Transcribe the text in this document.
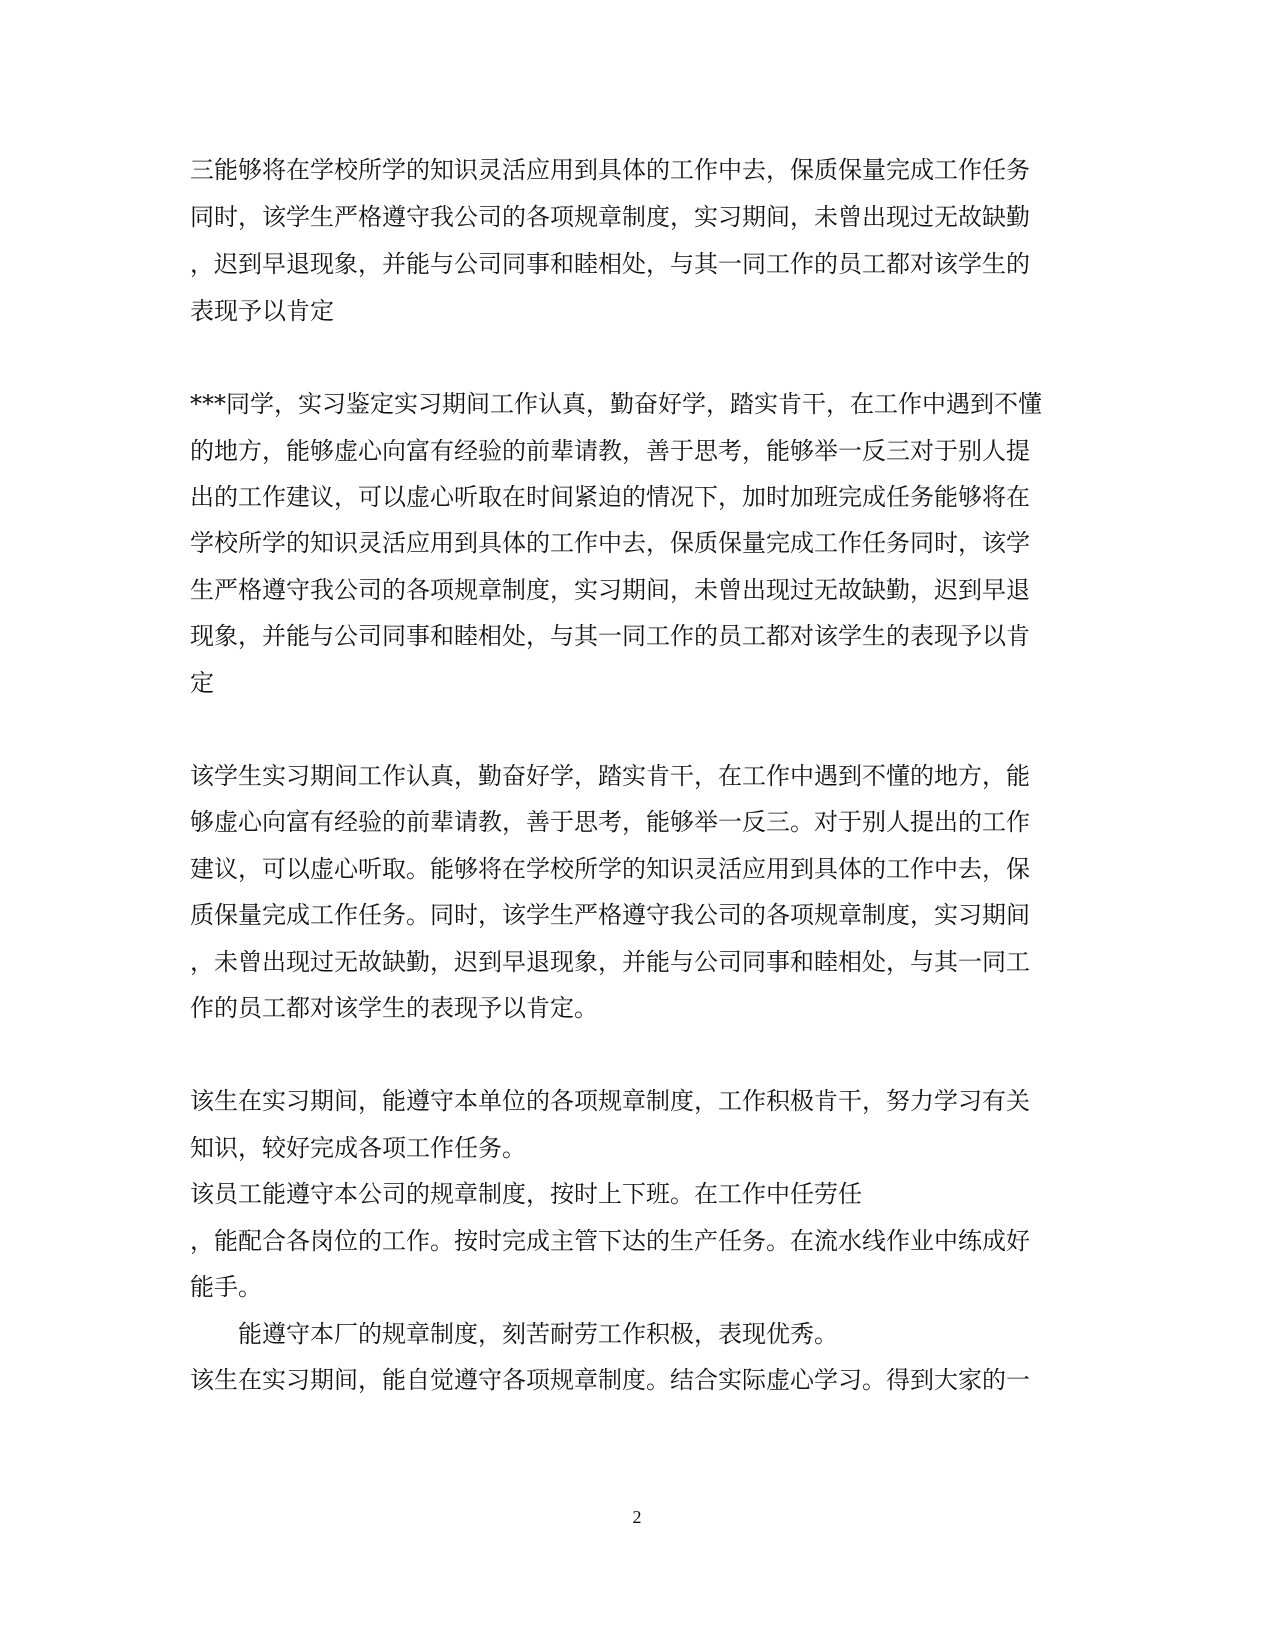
三能够将在学校所学的知识灵活应用到具体的工作中去，保质保量完成工作任务
同时，该学生严格遵守我公司的各项规章制度，实习期间，未曾出现过无故缺勤
，迟到早退现象，并能与公司同事和睦相处，与其一同工作的员工都对该学生的
表现予以肯定
***同学，实习鉴定实习期间工作认真，勤奋好学，踏实肯干，在工作中遇到不懂
的地方，能够虚心向富有经验的前辈请教，善于思考，能够举一反三对于别人提
出的工作建议，可以虚心听取在时间紧迫的情况下，加时加班完成任务能够将在
学校所学的知识灵活应用到具体的工作中去，保质保量完成工作任务同时，该学
生严格遵守我公司的各项规章制度，实习期间，未曾出现过无故缺勤，迟到早退
现象，并能与公司同事和睦相处，与其一同工作的员工都对该学生的表现予以肯
定
该学生实习期间工作认真，勤奋好学，踏实肯干，在工作中遇到不懂的地方，能
够虚心向富有经验的前辈请教，善于思考，能够举一反三。对于别人提出的工作
建议，可以虚心听取。能够将在学校所学的知识灵活应用到具体的工作中去，保
质保量完成工作任务。同时，该学生严格遵守我公司的各项规章制度，实习期间
，未曾出现过无故缺勤，迟到早退现象，并能与公司同事和睦相处，与其一同工
作的员工都对该学生的表现予以肯定。
该生在实习期间，能遵守本单位的各项规章制度，工作积极肯干，努力学习有关
知识，较好完成各项工作任务。
该员工能遵守本公司的规章制度，按时上下班。在工作中任劳任
，能配合各岗位的工作。按时完成主管下达的生产任务。在流水线作业中练成好
能手。
能遵守本厂的规章制度，刻苦耐劳工作积极，表现优秀。
该生在实习期间，能自觉遵守各项规章制度。结合实际虚心学习。得到大家的一
2
